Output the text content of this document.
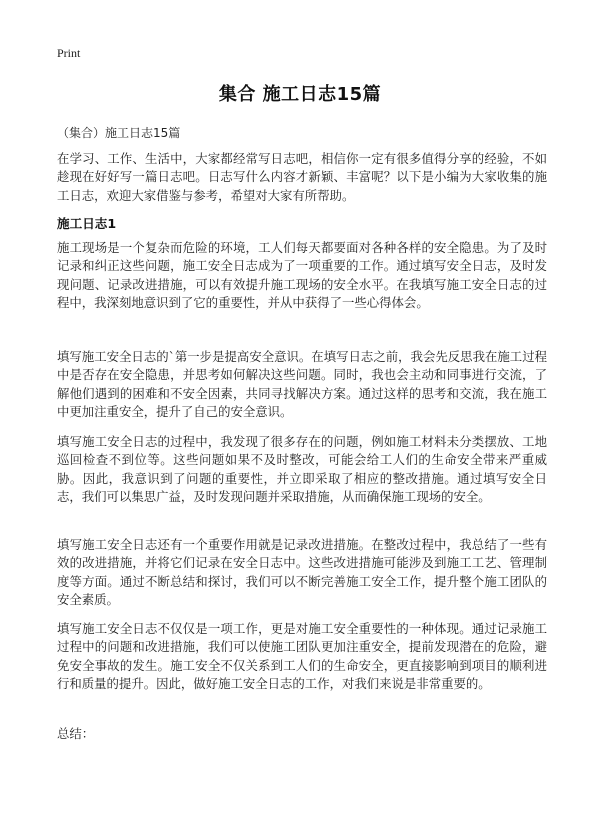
Print
集合 施工日志15篇
（集合）施工日志15篇
在学习、工作、生活中，大家都经常写日志吧，相信你一定有很多值得分享的经验，不如趁现在好好写一篇日志吧。日志写什么内容才新颖、丰富呢？以下是小编为大家收集的施工日志，欢迎大家借鉴与参考，希望对大家有所帮助。
施工日志1
施工现场是一个复杂而危险的环境，工人们每天都要面对各种各样的安全隐患。为了及时记录和纠正这些问题，施工安全日志成为了一项重要的工作。通过填写安全日志，及时发现问题、记录改进措施，可以有效提升施工现场的安全水平。在我填写施工安全日志的过程中，我深刻地意识到了它的重要性，并从中获得了一些心得体会。
填写施工安全日志的`第一步是提高安全意识。在填写日志之前，我会先反思我在施工过程中是否存在安全隐患，并思考如何解决这些问题。同时，我也会主动和同事进行交流，了解他们遇到的困难和不安全因素，共同寻找解决方案。通过这样的思考和交流，我在施工中更加注重安全，提升了自己的安全意识。
填写施工安全日志的过程中，我发现了很多存在的问题，例如施工材料未分类摆放、工地巡回检查不到位等。这些问题如果不及时整改，可能会给工人们的生命安全带来严重威胁。因此，我意识到了问题的重要性，并立即采取了相应的整改措施。通过填写安全日志，我们可以集思广益，及时发现问题并采取措施，从而确保施工现场的安全。
填写施工安全日志还有一个重要作用就是记录改进措施。在整改过程中，我总结了一些有效的改进措施，并将它们记录在安全日志中。这些改进措施可能涉及到施工工艺、管理制度等方面。通过不断总结和探讨，我们可以不断完善施工安全工作，提升整个施工团队的安全素质。
填写施工安全日志不仅仅是一项工作，更是对施工安全重要性的一种体现。通过记录施工过程中的问题和改进措施，我们可以使施工团队更加注重安全，提前发现潜在的危险，避免安全事故的发生。施工安全不仅关系到工人们的生命安全，更直接影响到项目的顺利进行和质量的提升。因此，做好施工安全日志的工作，对我们来说是非常重要的。
总结：
